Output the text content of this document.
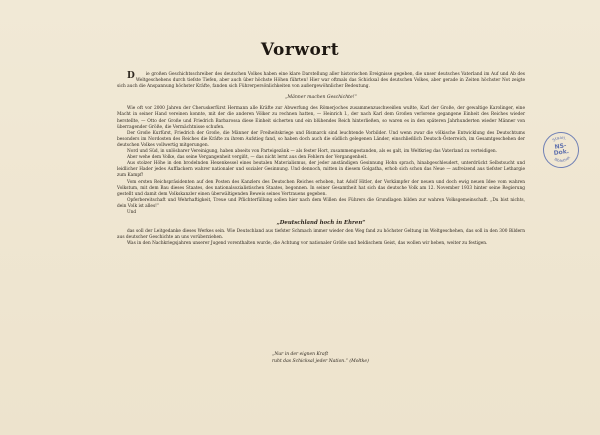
Vorwort

Die großen Geschichtsschreiber des deutschen Volkes haben eine klare Darstellung aller historischen Ereignisse gegeben, die unser deutsches Vaterland im Auf und Ab des Weltgeschehens durch tiefste Tiefen, aber auch über höchste Höhen führten! Hier war oftmals das Schicksal des deutschen Volkes, aber gerade in Zeiten höchster Not zeigte sich auch die Anspannung höchster Kräfte, fanden sich Führerpersönlichkeiten von außergewöhnlicher Bedeutung.

„Männer machen Geschichte!“

Wie oft vor 2000 Jahren der Cheruskerfürst Hermann alle Kräfte zur Abwerfung des Römerjoches zusammenzuschweißen wußte, Karl der Große, der gewaltige Karolinger, eine Macht in seiner Hand vereinen konnte, mit der die anderen Völker zu rechnen hatten, — Heinrich I., der nach Karl dem Großen verlorene gegangene Einheit des Reiches wieder herstellte, — Otto der Große und Friedrich Barbarossa diese Einheit sicherten und ein blühendes Reich hinterließen, so waren es in den späteren Jahrhunderten wieder Männer von überragender Größe, die Vermächtnisse schufen.

Der Große Kurfürst, Friedrich der Große, die Männer der Freiheitskriege und Bismarck sind leuchtende Vorbilder. Und wenn zwar die völkische Entwicklung des Deutschtums besonders im Nordosten des Reiches die Kräfte zu ihrem Aufstieg fand, so haben doch auch die südlich gelegenen Länder, einschließlich Deutsch-Österreich, im Gesamtgeschehen der deutschen Volkes vollwertig mitgerungen.

Nord und Süd, in unlösbarer Vereinigung, haben abseits von Parteigezänk — als fester Hort, zusammengestanden, als es galt, im Weltkrieg das Vaterland zu verteidigen.

Aber wehe dem Volke, das seine Vergangenheit vergißt, — das nicht lernt aus den Fehlern der Vergangenheit.

Aus stolzer Höhe in den brodelnden Hexenkessel eines beutalen Materialismus, der jeder anständigen Gesinnung Hohn sprach, hinabgeschleudert, unterdrückt Selbstsucht und leidlicher Hader jedes Aufflackern wahrer nationaler und sozialer Gesinnung. Und dennoch, mitten in diesem Golgatha, erhob sich schon das Neue — aufreizend aus tiefster Lethargie zum Kampf!

Vom ersten Reichspräsidenten auf den Posten des Kanzlers des Deutschen Reiches erhoben, hat Adolf Hitler, der Vorkämpfer der neuen und doch ewig neuen Idee vom wahren Volkstum, mit dem Bau dieses Staates, des nationalsozialistischen Staates, begonnen. In seiner Gesamtheit hat sich das deutsche Volk am 12. November 1933 hinter seine Regierung gestellt und damit dem Volkskanzler einen überwältigenden Beweis seines Vertrauens gegeben.

Opferbereitschaft und Wehrhaftigkeit, Treue und Pflichterfüllung sollen hier nach dem Willen des Führers die Grundlagen bilden zur wahren Volksgemeinschaft. „Du bist nichts, dein Volk ist alles!“

Und

„Deutschland hoch in Ehren“

das soll der Leitgedanke dieses Werkes sein. Wie Deutschland aus tiefster Schmach immer wieder den Weg fand zu höchster Geltung im Weltgeschehen, das soll in den 300 Bildern aus deutscher Geschichte an uns vorüberziehen.

Was in den Nachkriegsjahren unserer Jugend vorenthalten wurde, die Achtung vor nationaler Größe und heldischem Geist, das wollen wir heben, weiter zu festigen.

„Nur in der eignen Kraft
ruht das Schicksal jeder Nation.“ (Moltke)
Staatl.
Bibliothek
NS-
Dok.
